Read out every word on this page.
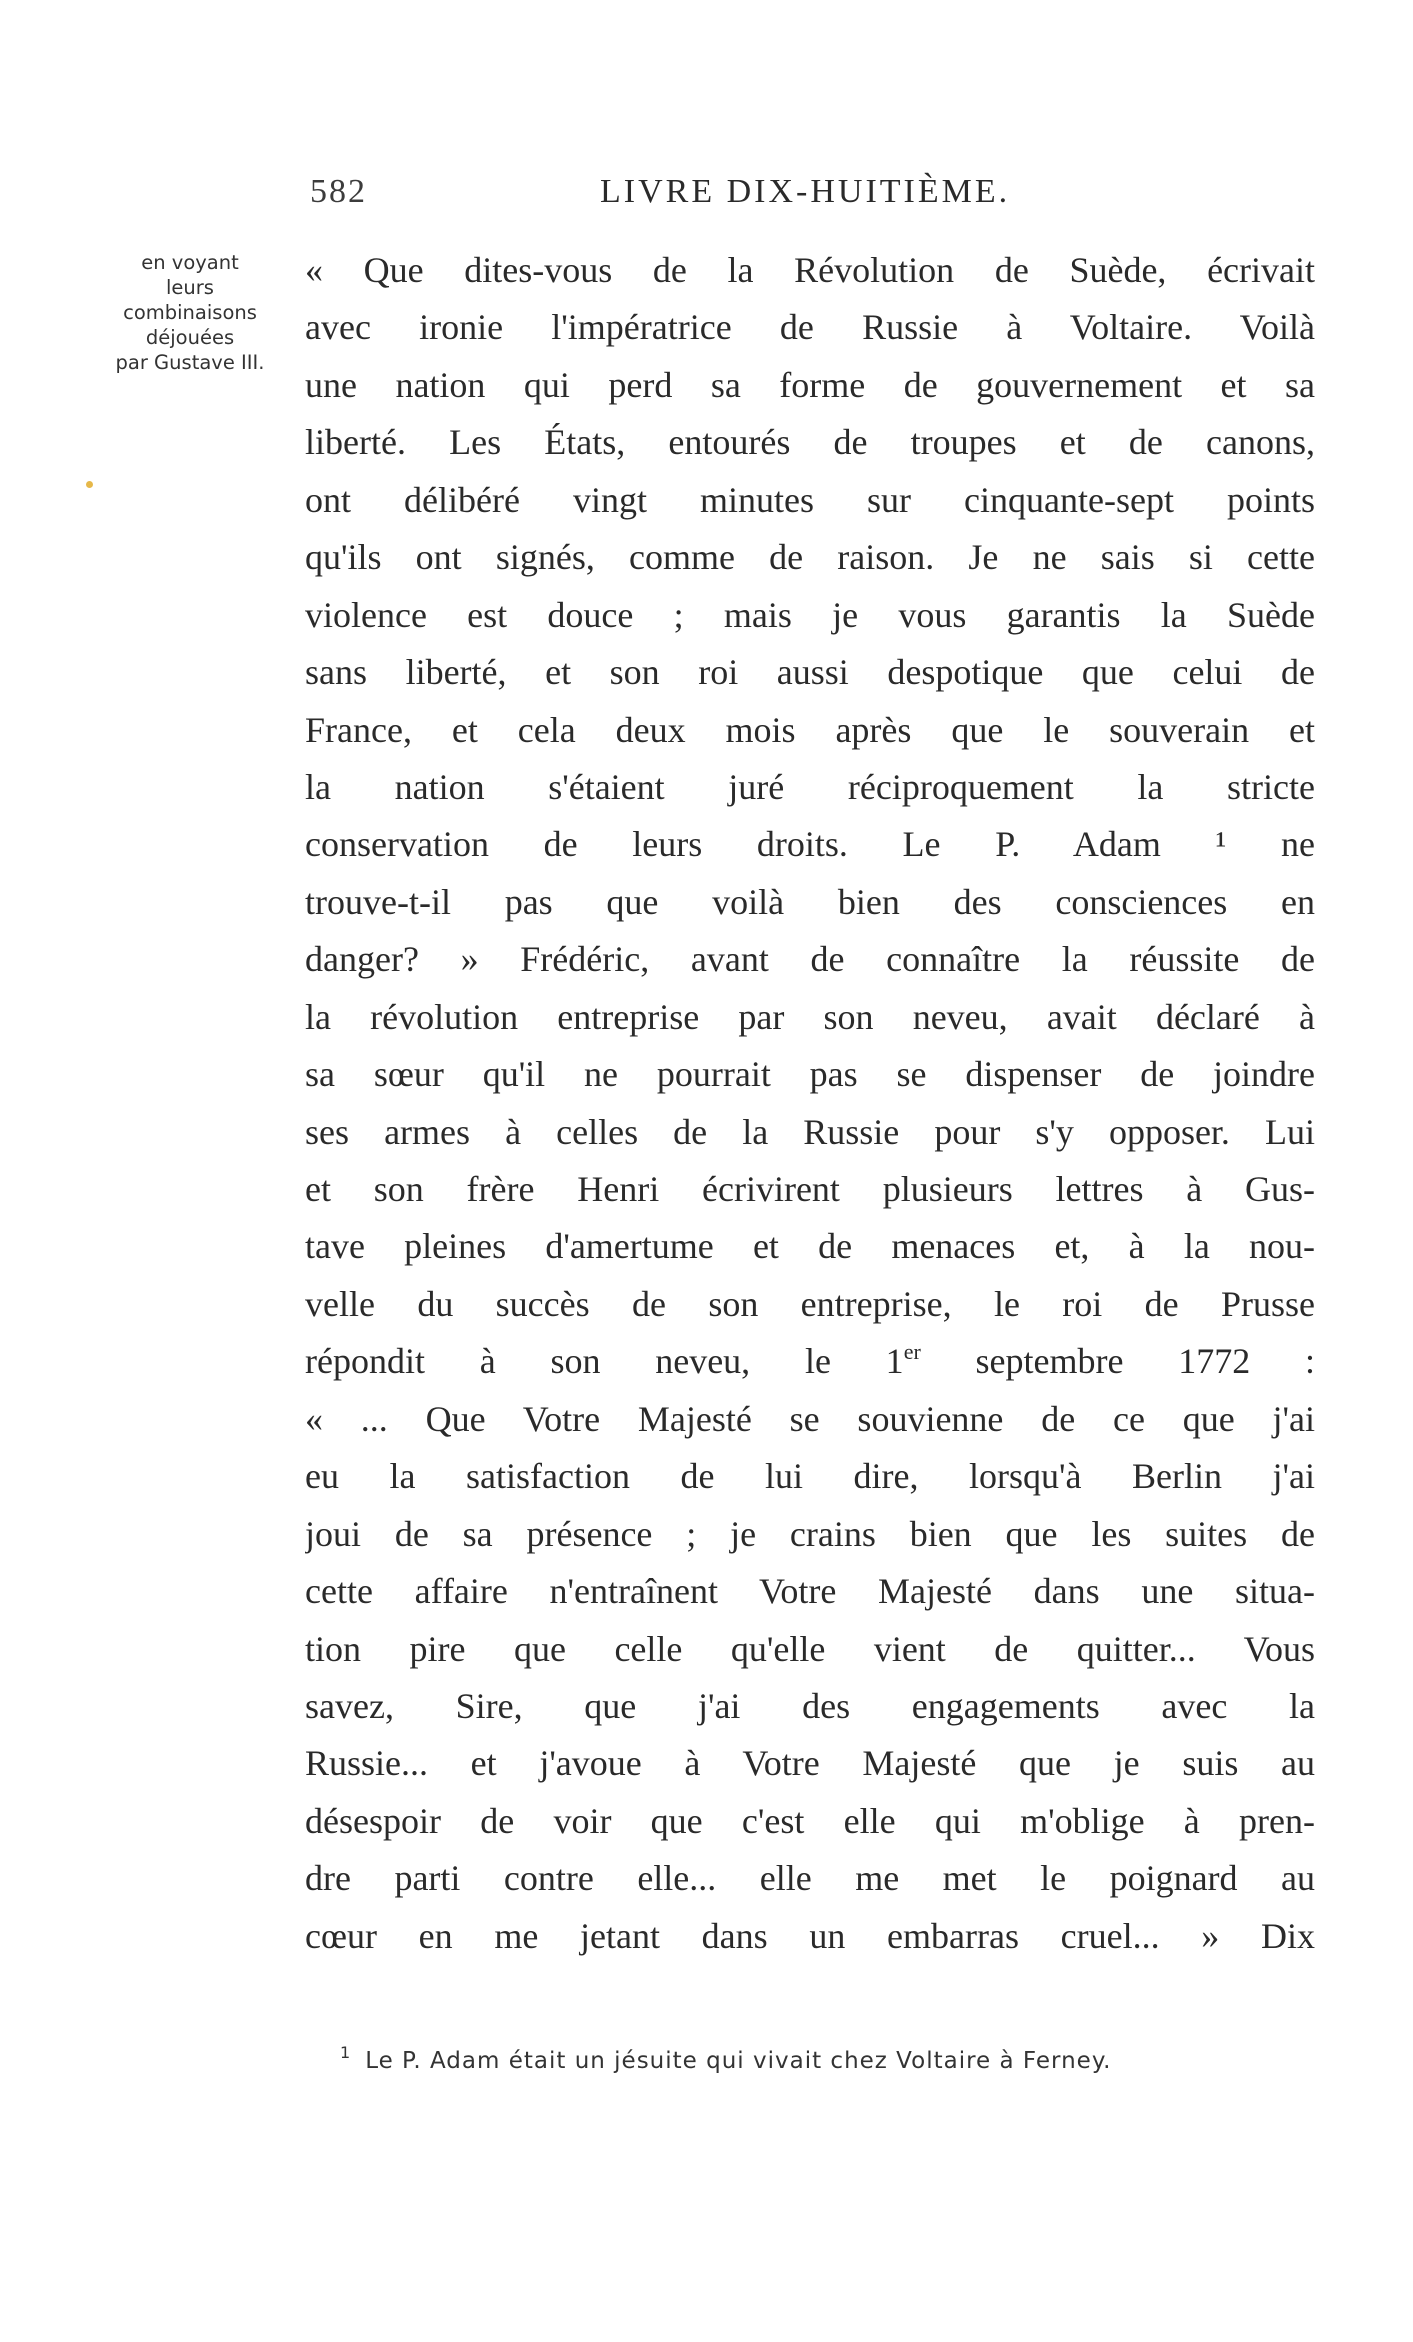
582	LIVRE DIX-HUITIÈME.
en voyant
leurs
combinaisons
déjouées
par Gustave III.
« Que dites-vous de la Révolution de Suède, écrivait
avec ironie l'impératrice de Russie à Voltaire. Voilà
une nation qui perd sa forme de gouvernement et sa
liberté. Les États, entourés de troupes et de canons,
ont délibéré vingt minutes sur cinquante-sept points
qu'ils ont signés, comme de raison. Je ne sais si cette
violence est douce ; mais je vous garantis la Suède
sans liberté, et son roi aussi despotique que celui de
France, et cela deux mois après que le souverain et
la nation s'étaient juré réciproquement la stricte
conservation de leurs droits. Le P. Adam ¹ ne
trouve-t-il pas que voilà bien des consciences en
danger? » Frédéric, avant de connaître la réussite de
la révolution entreprise par son neveu, avait déclaré à
sa sœur qu'il ne pourrait pas se dispenser de joindre
ses armes à celles de la Russie pour s'y opposer. Lui
et son frère Henri écrivirent plusieurs lettres à Gus-
tave pleines d'amertume et de menaces et, à la nou-
velle du succès de son entreprise, le roi de Prusse
répondit à son neveu, le 1er septembre 1772 :
« ... Que Votre Majesté se souvienne de ce que j'ai
eu la satisfaction de lui dire, lorsqu'à Berlin j'ai
joui de sa présence ; je crains bien que les suites de
cette affaire n'entraînent Votre Majesté dans une situa-
tion pire que celle qu'elle vient de quitter... Vous
savez, Sire, que j'ai des engagements avec la
Russie... et j'avoue à Votre Majesté que je suis au
désespoir de voir que c'est elle qui m'oblige à pren-
dre parti contre elle... elle me met le poignard au
cœur en me jetant dans un embarras cruel... » Dix
$^1$ Le P. Adam était un jésuite qui vivait chez Voltaire à Ferney.
